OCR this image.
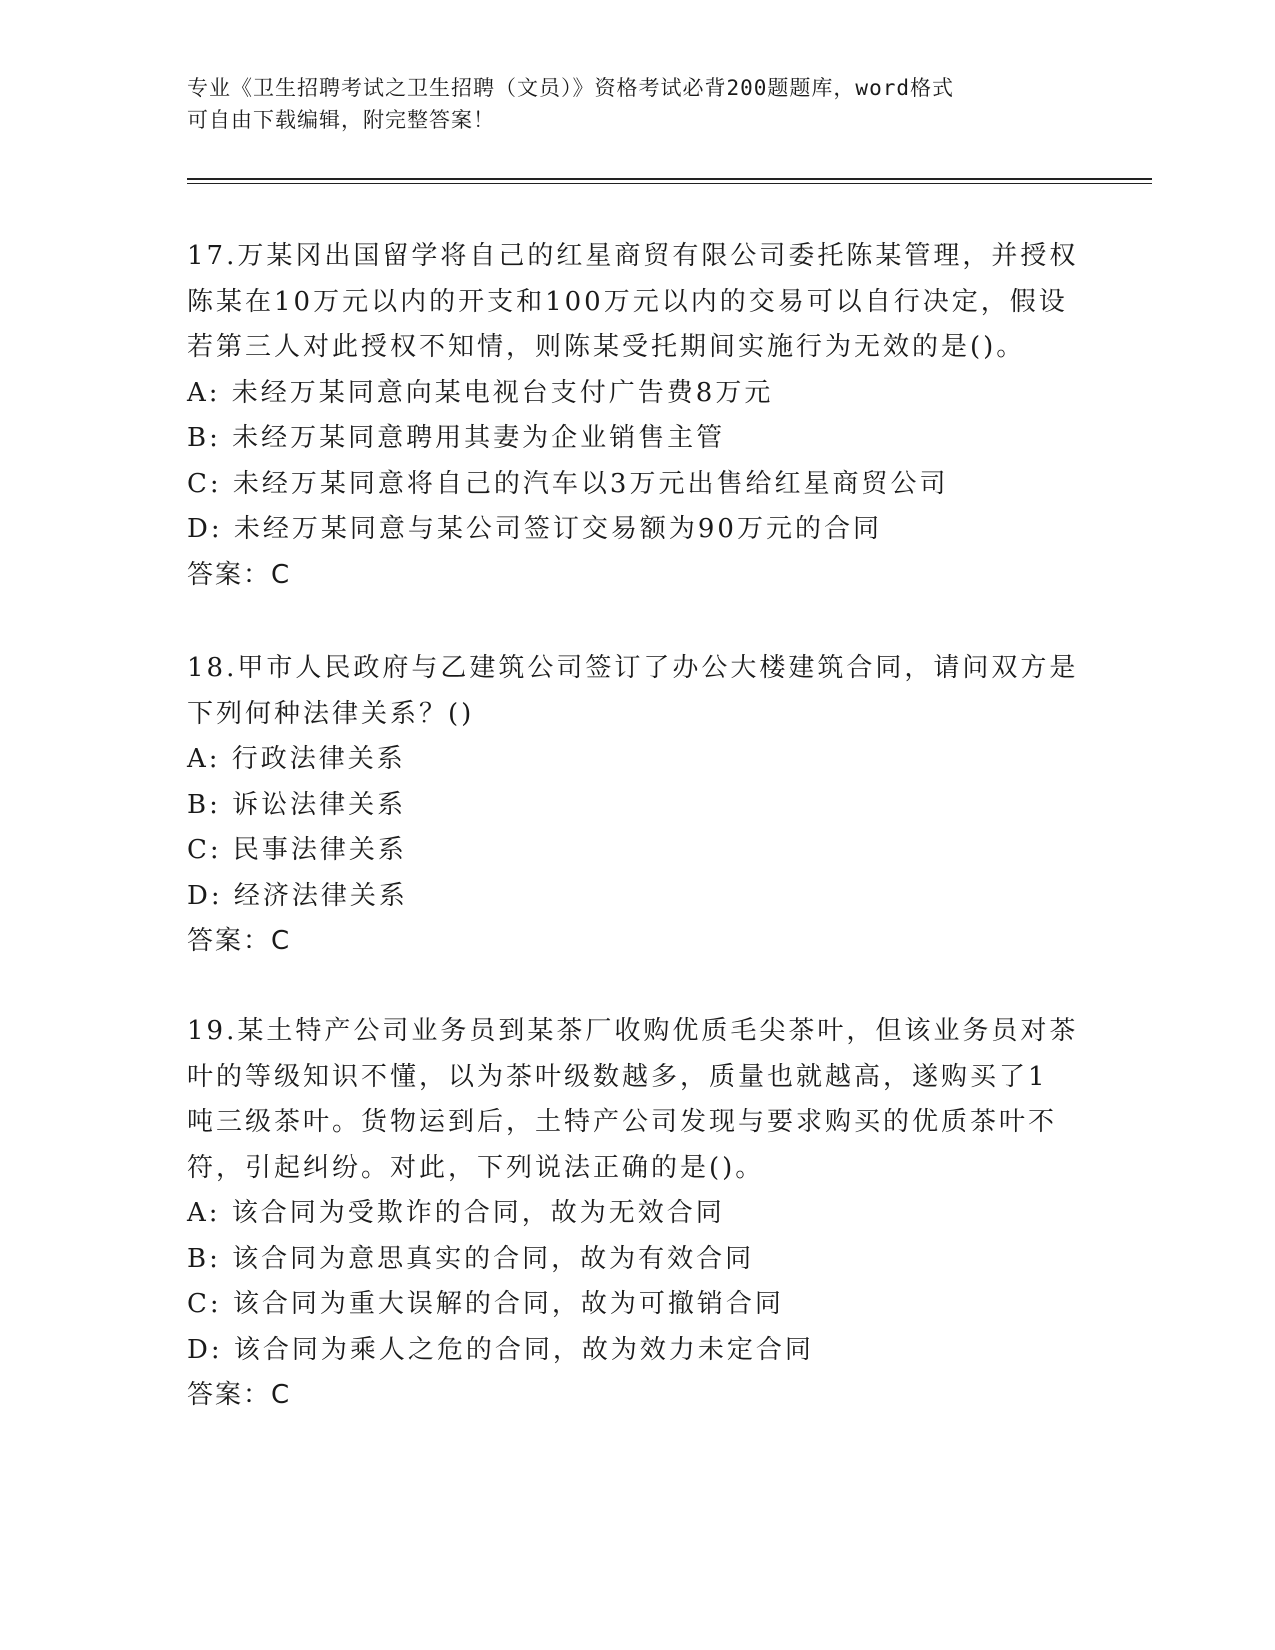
专业《卫生招聘考试之卫生招聘（文员）》资格考试必背200题题库，word格式
可自由下载编辑，附完整答案！
17.万某冈出国留学将自己的红星商贸有限公司委托陈某管理，并授权
陈某在10万元以内的开支和100万元以内的交易可以自行决定，假设
若第三人对此授权不知情，则陈某受托期间实施行为无效的是()。
A: 未经万某同意向某电视台支付广告费8万元
B: 未经万某同意聘用其妻为企业销售主管
C: 未经万某同意将自己的汽车以3万元出售给红星商贸公司
D: 未经万某同意与某公司签订交易额为90万元的合同
答案：C
18.甲市人民政府与乙建筑公司签订了办公大楼建筑合同，请问双方是
下列何种法律关系？()
A: 行政法律关系
B: 诉讼法律关系
C: 民事法律关系
D: 经济法律关系
答案：C
19.某土特产公司业务员到某茶厂收购优质毛尖茶叶，但该业务员对茶
叶的等级知识不懂，以为茶叶级数越多，质量也就越高，遂购买了1
吨三级茶叶。货物运到后，土特产公司发现与要求购买的优质茶叶不
符，引起纠纷。对此，下列说法正确的是()。
A: 该合同为受欺诈的合同，故为无效合同
B: 该合同为意思真实的合同，故为有效合同
C: 该合同为重大误解的合同，故为可撤销合同
D: 该合同为乘人之危的合同，故为效力未定合同
答案：C
